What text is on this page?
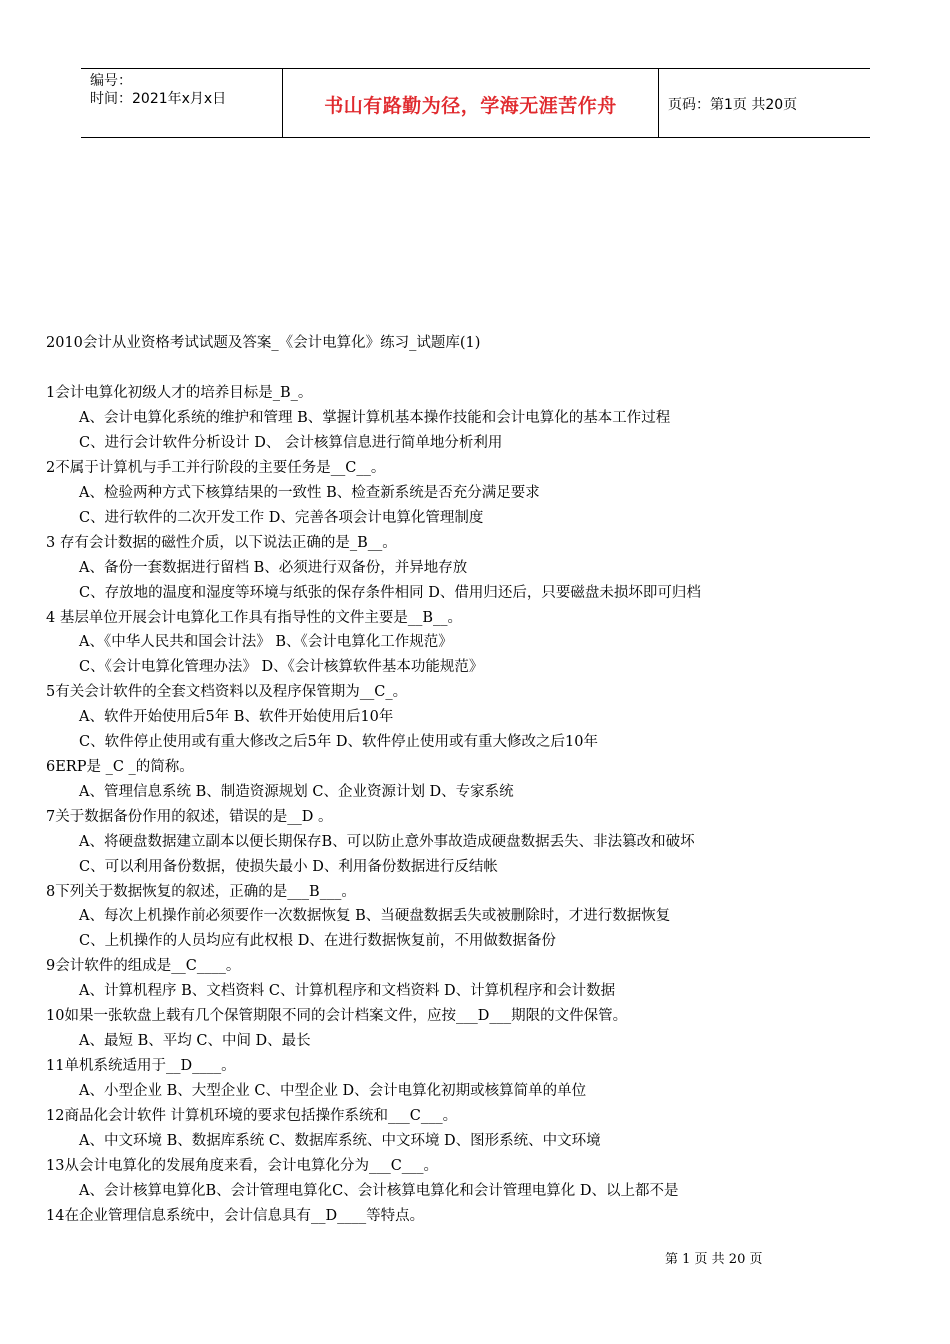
编号：
时间：2021年x月x日	书山有路勤为径，学海无涯苦作舟	页码：第1页 共20页
2010会计从业资格考试试题及答案_《会计电算化》练习_试题库(1)
1会计电算化初级人才的培养目标是_B_。
A、会计电算化系统的维护和管理 B、掌握计算机基本操作技能和会计电算化的基本工作过程
C、进行会计软件分析设计 D、 会计核算信息进行简单地分析利用
2不属于计算机与手工并行阶段的主要任务是__C__。
A、检验两种方式下核算结果的一致性 B、检查新系统是否充分满足要求
C、进行软件的二次开发工作 D、完善各项会计电算化管理制度
3 存有会计数据的磁性介质，以下说法正确的是_B__。
A、备份一套数据进行留档 B、必须进行双备份，并异地存放
C、存放地的温度和湿度等环境与纸张的保存条件相同 D、借用归还后，只要磁盘未损坏即可归档
4 基层单位开展会计电算化工作具有指导性的文件主要是__B__。
A、《中华人民共和国会计法》 B、《会计电算化工作规范》
C、《会计电算化管理办法》 D、《会计核算软件基本功能规范》
5有关会计软件的全套文档资料以及程序保管期为__C_。
A、软件开始使用后5年 B、软件开始使用后10年
C、软件停止使用或有重大修改之后5年 D、软件停止使用或有重大修改之后10年
6ERP是 _C _的简称。
A、管理信息系统 B、制造资源规划 C、企业资源计划 D、专家系统
7关于数据备份作用的叙述，错误的是__D 。
A、将硬盘数据建立副本以便长期保存B、可以防止意外事故造成硬盘数据丢失、非法篡改和破坏
C、可以利用备份数据，使损失最小 D、利用备份数据进行反结帐
8下列关于数据恢复的叙述，正确的是___B___。
A、每次上机操作前必须要作一次数据恢复 B、当硬盘数据丢失或被删除时，才进行数据恢复
C、上机操作的人员均应有此权根 D、在进行数据恢复前，不用做数据备份
9会计软件的组成是__C____。
A、计算机程序 B、文档资料 C、计算机程序和文档资料 D、计算机程序和会计数据
10如果一张软盘上载有几个保管期限不同的会计档案文件，应按___D___期限的文件保管。
A、最短 B、平均 C、中间 D、最长
11单机系统适用于__D____。
A、小型企业 B、大型企业 C、中型企业 D、会计电算化初期或核算简单的单位
12商品化会计软件 计算机环境的要求包括操作系统和___C___。
A、中文环境 B、数据库系统 C、数据库系统、中文环境 D、图形系统、中文环境
13从会计电算化的发展角度来看，会计电算化分为___C___。
A、会计核算电算化B、会计管理电算化C、会计核算电算化和会计管理电算化 D、以上都不是
14在企业管理信息系统中，会计信息具有__D____等特点。
第 1 页 共 20 页
